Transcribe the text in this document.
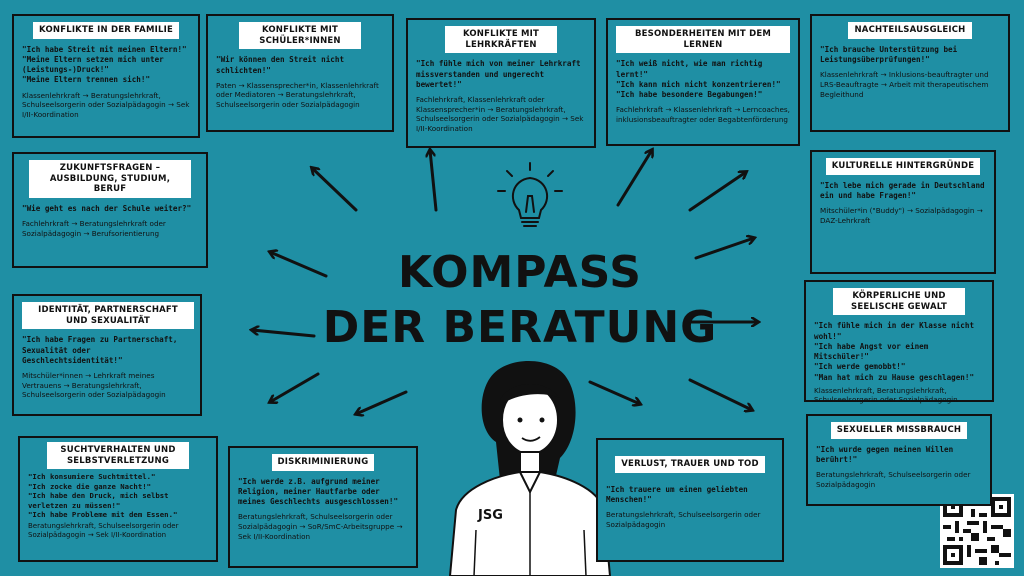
JSG
KOMPASS
DER BERATUNG
KONFLIKTE IN DER FAMILIE
"Ich habe Streit mit meinen Eltern!"
"Meine Eltern setzen mich unter (Leistungs-)Druck!"
"Meine Eltern trennen sich!"
Klassenlehrkraft → Beratungslehrkraft, Schulseelsorgerin oder Sozialpädagogin → Sek I/II-Koordination
KONFLIKTE MIT SCHÜLER*INNEN
"Wir können den Streit nicht schlichten!"
Paten → Klassensprecher*in, Klassenlehrkraft oder Mediatoren → Beratungslehrkraft, Schulseelsorgerin oder Sozialpädagogin
KONFLIKTE MIT LEHRKRÄFTEN
"Ich fühle mich von meiner Lehrkraft missverstanden und ungerecht bewertet!"
Fachlehrkraft, Klassenlehrkraft oder Klassensprecher*in → Beratungslehrkraft, Schulseelsorgerin oder Sozialpädagogin → Sek I/II-Koordination
BESONDERHEITEN MIT DEM LERNEN
"Ich weiß nicht, wie man richtig lernt!"
"Ich kann mich nicht konzentrieren!"
"Ich habe besondere Begabungen!"
Fachlehrkraft → Klassenlehrkraft → Lerncoaches, inklusionsbeauftragter oder Begabtenförderung
NACHTEILSAUSGLEICH
"Ich brauche Unterstützung bei Leistungsüberprüfungen!"
Klassenlehrkraft → Inklusions-beauftragter und LRS-Beauftragte → Arbeit mit therapeutischem Begleithund
ZUKUNFTSFRAGEN – AUSBILDUNG, STUDIUM, BERUF
"Wie geht es nach der Schule weiter?"
Fachlehrkraft → Beratungslehrkraft oder Sozialpädagogin → Berufsorientierung
KULTURELLE HINTERGRÜNDE
"Ich lebe mich gerade in Deutschland ein und habe Fragen!"
Mitschüler*in ("Buddy") → Sozialpädagogin → DAZ-Lehrkraft
IDENTITÄT, PARTNERSCHAFT UND SEXUALITÄT
"Ich habe Fragen zu Partnerschaft, Sexualität oder Geschlechtsidentität!"
Mitschüler*innen → Lehrkraft meines Vertrauens → Beratungslehrkraft, Schulseelsorgerin oder Sozialpädagogin
KÖRPERLICHE UND SEELISCHE GEWALT
"Ich fühle mich in der Klasse nicht wohl!"
"Ich habe Angst vor einem Mitschüler!"
"Ich werde gemobbt!"
"Man hat mich zu Hause geschlagen!"
Klassenlehrkraft, Beratungslehrkraft, Schulseelsorgerin oder Sozialpädagogin
SUCHTVERHALTEN UND SELBSTVERLETZUNG
"Ich konsumiere Suchtmittel."
"Ich zocke die ganze Nacht!"
"Ich habe den Druck, mich selbst verletzen zu müssen!"
"Ich habe Probleme mit dem Essen."
Beratungslehrkraft, Schulseelsorgerin oder Sozialpädagogin → Sek I/II-Koordination
DISKRIMINIERUNG
"Ich werde z.B. aufgrund meiner Religion, meiner Hautfarbe oder meines Geschlechts ausgeschlossen!"
Beratungslehrkraft, Schulseelsorgerin oder Sozialpädagogin → SoR/SmC-Arbeitsgruppe → Sek I/II-Koordination
VERLUST, TRAUER UND TOD
"Ich trauere um einen geliebten Menschen!"
Beratungslehrkraft, Schulseelsorgerin oder Sozialpädagogin
SEXUELLER MISSBRAUCH
"Ich wurde gegen meinen Willen berührt!"
Beratungslehrkraft, Schulseelsorgerin oder Sozialpädagogin
